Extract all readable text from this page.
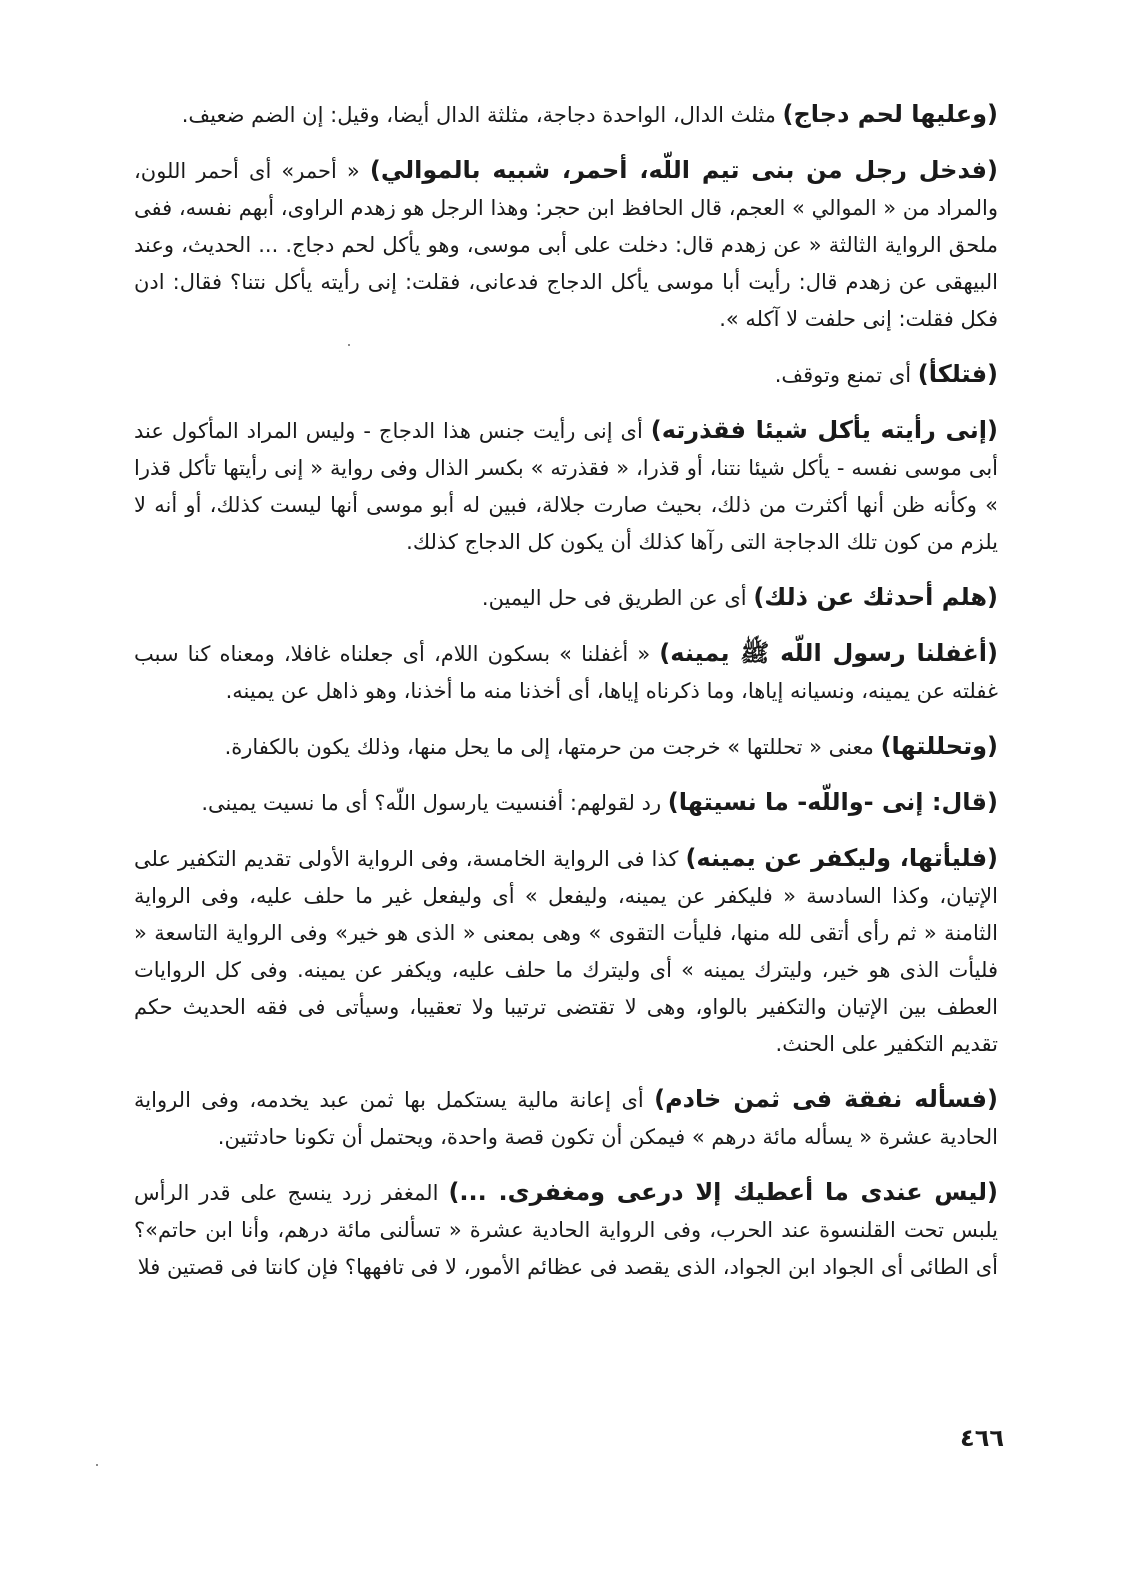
(وعليها لحم دجاج) مثلث الدال، الواحدة دجاجة، مثلثة الدال أيضا، وقيل: إن الضم ضعيف.

(فدخل رجل من بنى تيم اللّه، أحمر، شبيه بالموالي) « أحمر» أى أحمر اللون، والمراد من « الموالي » العجم، قال الحافظ ابن حجر: وهذا الرجل هو زهدم الراوى، أبهم نفسه، ففى ملحق الرواية الثالثة « عن زهدم قال: دخلت على أبى موسى، وهو يأكل لحم دجاج. ... الحديث، وعند البيهقى عن زهدم قال: رأيت أبا موسى يأكل الدجاج فدعانى، فقلت: إنى رأيته يأكل نتنا؟ فقال: ادن فكل فقلت: إنى حلفت لا آكله ».

(فتلكأ) أى تمنع وتوقف.

(إنى رأيته يأكل شيئا فقذرته) أى إنى رأيت جنس هذا الدجاج - وليس المراد المأكول عند أبى موسى نفسه - يأكل شيئا نتنا، أو قذرا، « فقذرته » بكسر الذال وفى رواية « إنى رأيتها تأكل قذرا » وكأنه ظن أنها أكثرت من ذلك، بحيث صارت جلالة، فبين له أبو موسى أنها ليست كذلك، أو أنه لا يلزم من كون تلك الدجاجة التى رآها كذلك أن يكون كل الدجاج كذلك.

(هلم أحدثك عن ذلك) أى عن الطريق فى حل اليمين.

(أغفلنا رسول اللّه ﷺ يمينه) « أغفلنا » بسكون اللام، أى جعلناه غافلا، ومعناه كنا سبب غفلته عن يمينه، ونسيانه إياها، وما ذكرناه إياها، أى أخذنا منه ما أخذنا، وهو ذاهل عن يمينه.

(وتحللتها) معنى « تحللتها » خرجت من حرمتها، إلى ما يحل منها، وذلك يكون بالكفارة.

(قال: إنى -واللّه- ما نسيتها) رد لقولهم: أفنسيت يارسول اللّه؟ أى ما نسيت يمينى.

(فليأتها، وليكفر عن يمينه) كذا فى الرواية الخامسة، وفى الرواية الأولى تقديم التكفير على الإتيان، وكذا السادسة « فليكفر عن يمينه، وليفعل » أى وليفعل غير ما حلف عليه، وفى الرواية الثامنة « ثم رأى أتقى لله منها، فليأت التقوى » وهى بمعنى « الذى هو خير» وفى الرواية التاسعة « فليأت الذى هو خير، وليترك يمينه » أى وليترك ما حلف عليه، ويكفر عن يمينه. وفى كل الروايات العطف بين الإتيان والتكفير بالواو، وهى لا تقتضى ترتيبا ولا تعقيبا، وسيأتى فى فقه الحديث حكم تقديم التكفير على الحنث.

(فسأله نفقة فى ثمن خادم) أى إعانة مالية يستكمل بها ثمن عبد يخدمه، وفى الرواية الحادية عشرة « يسأله مائة درهم » فيمكن أن تكون قصة واحدة، ويحتمل أن تكونا حادثتين.

(ليس عندى ما أعطيك إلا درعى ومغفرى. ...) المغفر زرد ينسج على قدر الرأس يلبس تحت القلنسوة عند الحرب، وفى الرواية الحادية عشرة « تسألنى مائة درهم، وأنا ابن حاتم»؟ أى الطائى أى الجواد ابن الجواد، الذى يقصد فى عظائم الأمور، لا فى تافهها؟ فإن كانتا فى قصتين فلا

٤٦٦
